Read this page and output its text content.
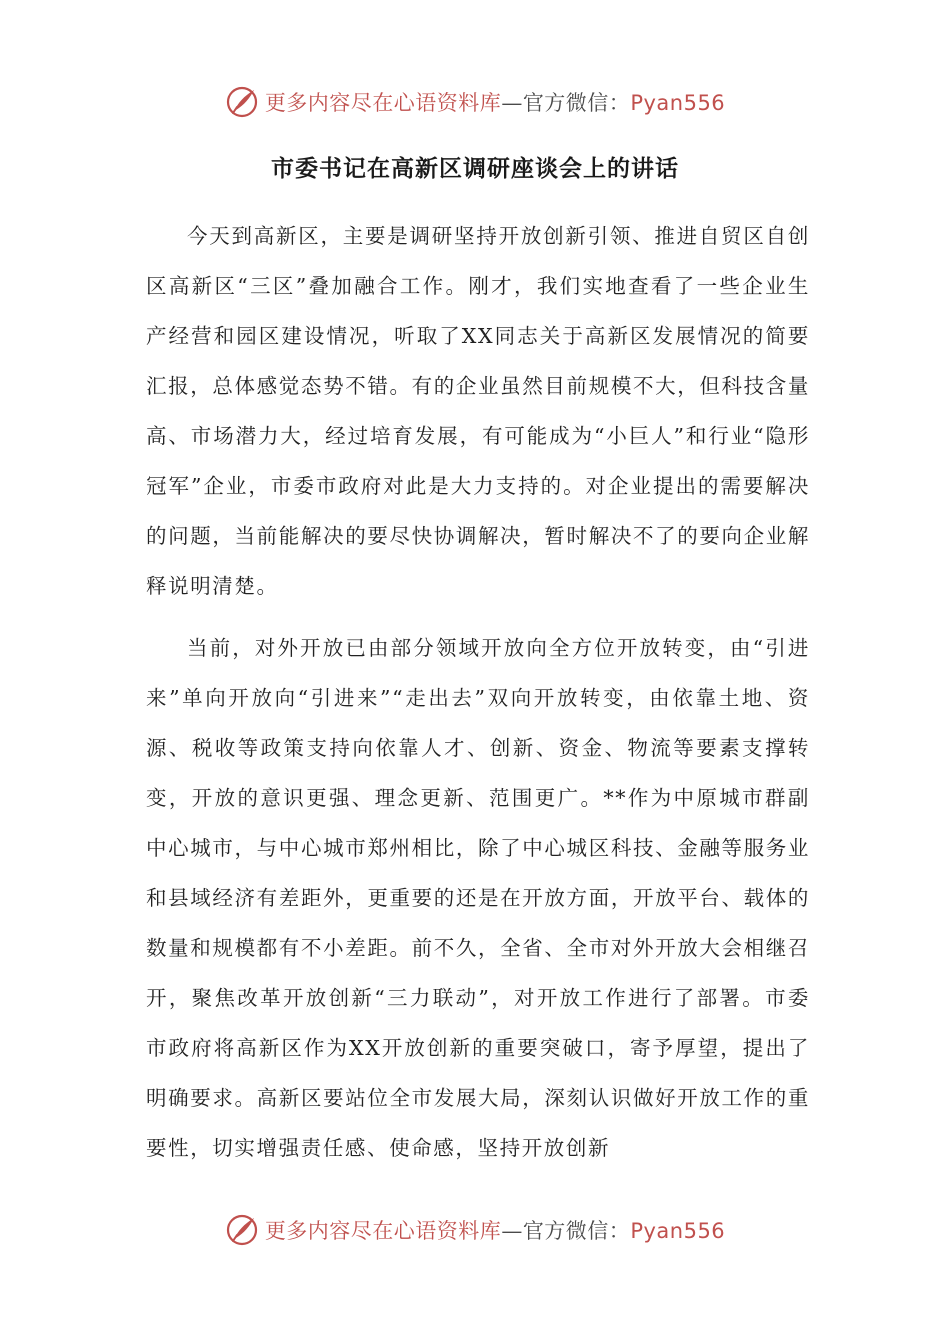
更多内容尽在心语资料库—官方微信：Pyan556
市委书记在高新区调研座谈会上的讲话

今天到高新区，主要是调研坚持开放创新引领、推进自贸区自创区高新区“三区”叠加融合工作。刚才，我们实地查看了一些企业生产经营和园区建设情况，听取了XX同志关于高新区发展情况的简要汇报，总体感觉态势不错。有的企业虽然目前规模不大，但科技含量高、市场潜力大，经过培育发展，有可能成为“小巨人”和行业“隐形冠军”企业，市委市政府对此是大力支持的。对企业提出的需要解决的问题，当前能解决的要尽快协调解决，暂时解决不了的要向企业解释说明清楚。

当前，对外开放已由部分领域开放向全方位开放转变，由“引进来”单向开放向“引进来”“走出去”双向开放转变，由依靠土地、资源、税收等政策支持向依靠人才、创新、资金、物流等要素支撑转变，开放的意识更强、理念更新、范围更广。**作为中原城市群副中心城市，与中心城市郑州相比，除了中心城区科技、金融等服务业和县域经济有差距外，更重要的还是在开放方面，开放平台、载体的数量和规模都有不小差距。前不久，全省、全市对外开放大会相继召开，聚焦改革开放创新“三力联动”，对开放工作进行了部署。市委市政府将高新区作为XX开放创新的重要突破口，寄予厚望，提出了明确要求。高新区要站位全市发展大局，深刻认识做好开放工作的重要性，切实增强责任感、使命感，坚持开放创新

更多内容尽在心语资料库—官方微信：Pyan556
